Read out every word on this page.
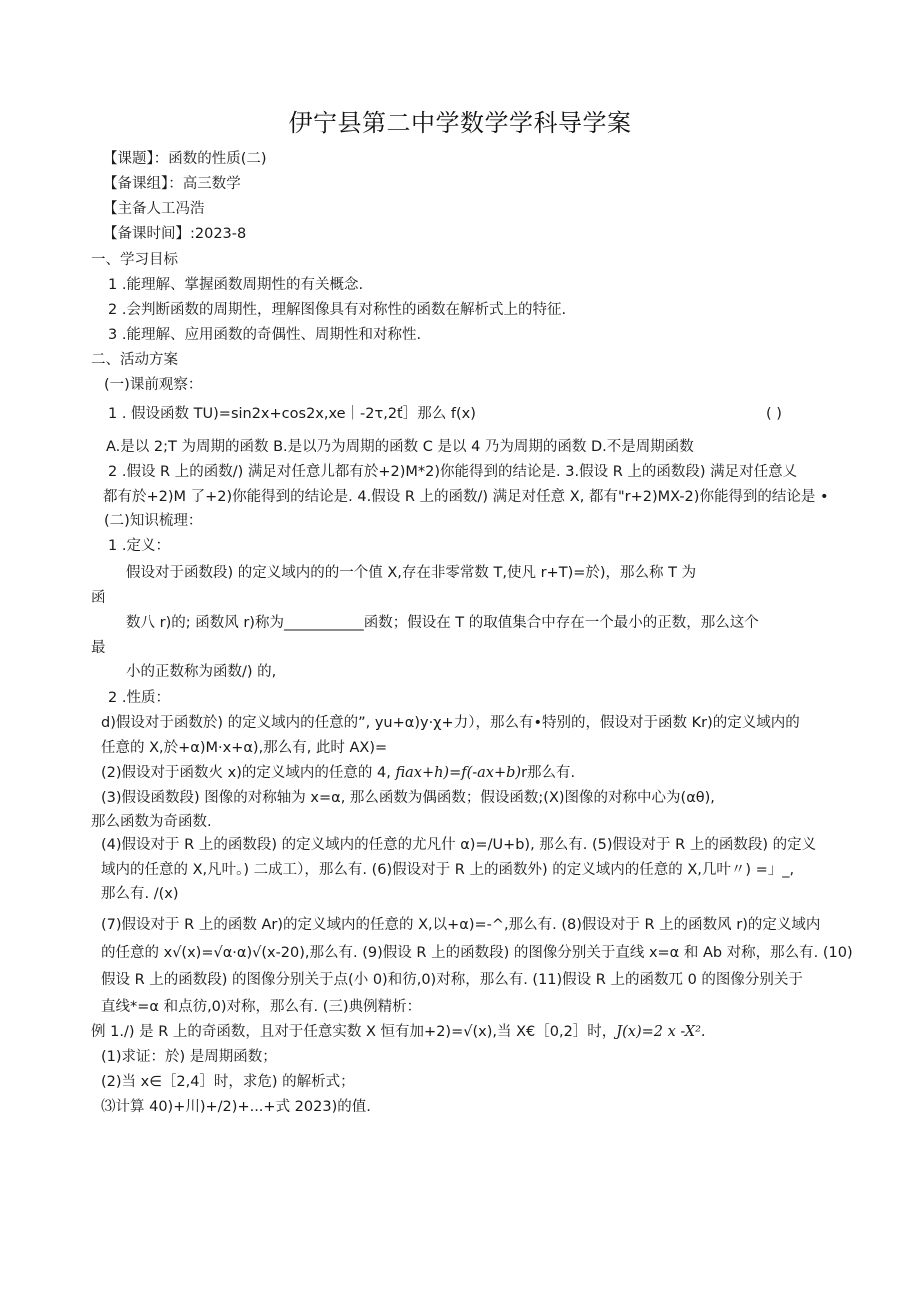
伊宁县第二中学数学学科导学案
【课题】：函数的性质(二)
【备课组】：高三数学
【主备人工冯浩
【备课时间】:2023-8
一、学习目标
1 .能理解、掌握函数周期性的有关概念.
2 .会判断函数的周期性，理解图像具有对称性的函数在解析式上的特征.
3 .能理解、应用函数的奇偶性、周期性和对称性.
二、活动方案
(一)课前观察：
1 . 假设函数 TU)=sin2x+cos2x,xe｜-2τ,2ť］那么 f(x)	( )
A.是以 2;T 为周期的函数 B.是以乃为周期的函数 C 是以 4 乃为周期的函数 D.不是周期函数
2 .假设 R 上的函数/) 满足对任意儿都有於+2)M*2)你能得到的结论是. 3.假设 R 上的函数段) 满足对任意乂
都有於+2)M 了+2)你能得到的结论是. 4.假设 R 上的函数/) 满足对任意 X, 都有"r+2)MX-2)你能得到的结论是 •
(二)知识梳理：
1 .定义：
假设对于函数段) 的定义域内的的一个值 X,存在非零常数 T,使凡 r+T)=於)，那么称 T 为
函
数八 r)的; 函数风 r)称为___________函数；假设在 T 的取值集合中存在一个最小的正数，那么这个
最
小的正数称为函数/) 的,
2 .性质：
d)假设对于函数於) 的定义域内的任意的”, yu+α)y·χ+力），那么有•特别的，假设对于函数 Kr)的定义域内的
任意的 X,於+α)M·x+α),那么有, 此时 AX)=
(2)假设对于函数火 x)的定义域内的任意的 4, fiax+h)=f(-ax+b)r那么有.
(3)假设函数段) 图像的对称轴为 x=α, 那么函数为偶函数；假设函数;(X)图像的对称中心为(αθ),
那么函数为奇函数.
(4)假设对于 R 上的函数段) 的定义域内的任意的尤凡什 α)=∕U+b), 那么有. (5)假设对于 R 上的函数段) 的定义
域内的任意的 X,凡叶。) 二成工），那么有. (6)假设对于 R 上的函数外) 的定义域内的任意的 X,几叶〃) =」_,
那么有. /(x)
(7)假设对于 R 上的函数 Ar)的定义域内的任意的 X,以+α)=-^,那么有. (8)假设对于 R 上的函数风 r)的定义域内
的任意的 x√(x)=√α·α)√(x-20),那么有. (9)假设 R 上的函数段) 的图像分别关于直线 x=α 和 Ab 对称，那么有. (10)
假设 R 上的函数段) 的图像分别关于点(小 0)和彷,0)对称，那么有. (11)假设 R 上的函数兀 0 的图像分别关于
直线*=α 和点彷,0)对称，那么有. (三)典例精析：
例 1./) 是 R 上的奇函数，且对于任意实数 X 恒有加+2)=√(x),当 X€［0,2］时，J(x)=2 x -X².
(1)求证：於) 是周期函数；
(2)当 x∈［2,4］时，求危) 的解析式；
⑶计算 40)+川)+/2)+...+式 2023)的值.
